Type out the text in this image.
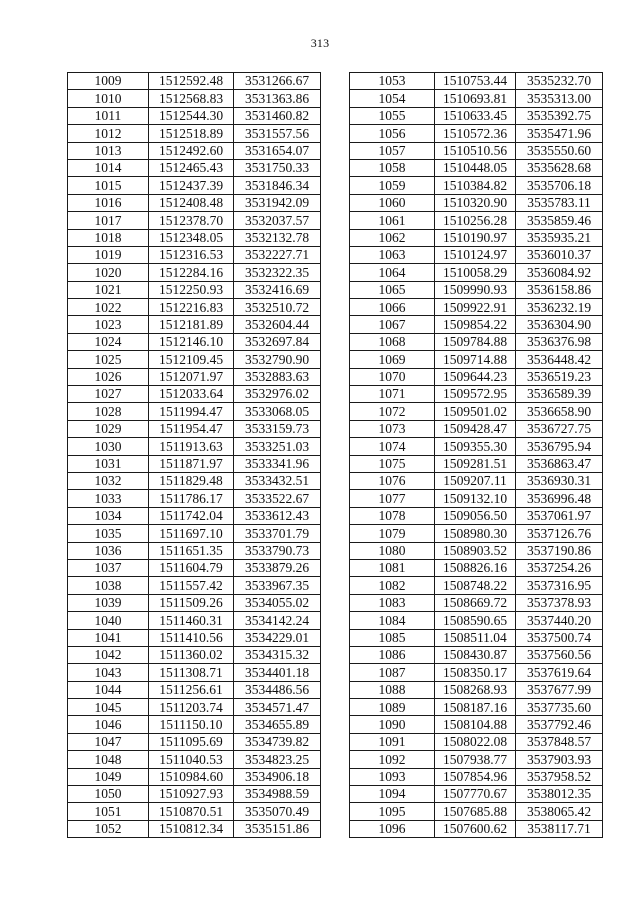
313
1009	1512592.48	3531266.67
1010	1512568.83	3531363.86
1011	1512544.30	3531460.82
1012	1512518.89	3531557.56
1013	1512492.60	3531654.07
1014	1512465.43	3531750.33
1015	1512437.39	3531846.34
1016	1512408.48	3531942.09
1017	1512378.70	3532037.57
1018	1512348.05	3532132.78
1019	1512316.53	3532227.71
1020	1512284.16	3532322.35
1021	1512250.93	3532416.69
1022	1512216.83	3532510.72
1023	1512181.89	3532604.44
1024	1512146.10	3532697.84
1025	1512109.45	3532790.90
1026	1512071.97	3532883.63
1027	1512033.64	3532976.02
1028	1511994.47	3533068.05
1029	1511954.47	3533159.73
1030	1511913.63	3533251.03
1031	1511871.97	3533341.96
1032	1511829.48	3533432.51
1033	1511786.17	3533522.67
1034	1511742.04	3533612.43
1035	1511697.10	3533701.79
1036	1511651.35	3533790.73
1037	1511604.79	3533879.26
1038	1511557.42	3533967.35
1039	1511509.26	3534055.02
1040	1511460.31	3534142.24
1041	1511410.56	3534229.01
1042	1511360.02	3534315.32
1043	1511308.71	3534401.18
1044	1511256.61	3534486.56
1045	1511203.74	3534571.47
1046	1511150.10	3534655.89
1047	1511095.69	3534739.82
1048	1511040.53	3534823.25
1049	1510984.60	3534906.18
1050	1510927.93	3534988.59
1051	1510870.51	3535070.49
1052	1510812.34	3535151.86
1053	1510753.44	3535232.70
1054	1510693.81	3535313.00
1055	1510633.45	3535392.75
1056	1510572.36	3535471.96
1057	1510510.56	3535550.60
1058	1510448.05	3535628.68
1059	1510384.82	3535706.18
1060	1510320.90	3535783.11
1061	1510256.28	3535859.46
1062	1510190.97	3535935.21
1063	1510124.97	3536010.37
1064	1510058.29	3536084.92
1065	1509990.93	3536158.86
1066	1509922.91	3536232.19
1067	1509854.22	3536304.90
1068	1509784.88	3536376.98
1069	1509714.88	3536448.42
1070	1509644.23	3536519.23
1071	1509572.95	3536589.39
1072	1509501.02	3536658.90
1073	1509428.47	3536727.75
1074	1509355.30	3536795.94
1075	1509281.51	3536863.47
1076	1509207.11	3536930.31
1077	1509132.10	3536996.48
1078	1509056.50	3537061.97
1079	1508980.30	3537126.76
1080	1508903.52	3537190.86
1081	1508826.16	3537254.26
1082	1508748.22	3537316.95
1083	1508669.72	3537378.93
1084	1508590.65	3537440.20
1085	1508511.04	3537500.74
1086	1508430.87	3537560.56
1087	1508350.17	3537619.64
1088	1508268.93	3537677.99
1089	1508187.16	3537735.60
1090	1508104.88	3537792.46
1091	1508022.08	3537848.57
1092	1507938.77	3537903.93
1093	1507854.96	3537958.52
1094	1507770.67	3538012.35
1095	1507685.88	3538065.42
1096	1507600.62	3538117.71
